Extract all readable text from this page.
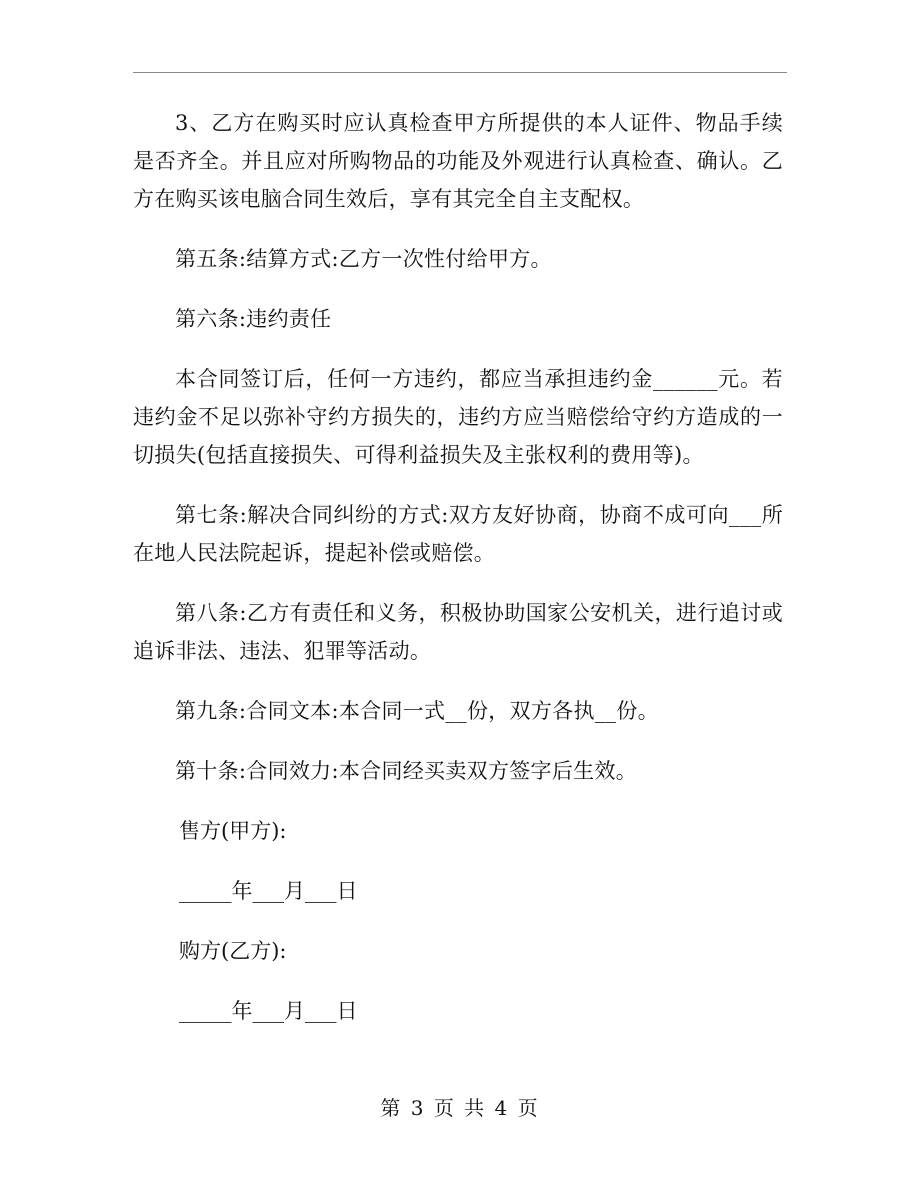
3、乙方在购买时应认真检查甲方所提供的本人证件、物品手续是否齐全。并且应对所购物品的功能及外观进行认真检查、确认。乙方在购买该电脑合同生效后，享有其完全自主支配权。

第五条:结算方式:乙方一次性付给甲方。

第六条:违约责任

本合同签订后，任何一方违约，都应当承担违约金______元。若违约金不足以弥补守约方损失的，违约方应当赔偿给守约方造成的一切损失(包括直接损失、可得利益损失及主张权利的费用等)。

第七条:解决合同纠纷的方式:双方友好协商，协商不成可向___所在地人民法院起诉，提起补偿或赔偿。

第八条:乙方有责任和义务，积极协助国家公安机关，进行追讨或追诉非法、违法、犯罪等活动。

第九条:合同文本:本合同一式__份，双方各执__份。

第十条:合同效力:本合同经买卖双方签字后生效。

售方(甲方):

_____年___月___日

购方(乙方):

_____年___月___日

第 3 页 共 4 页
